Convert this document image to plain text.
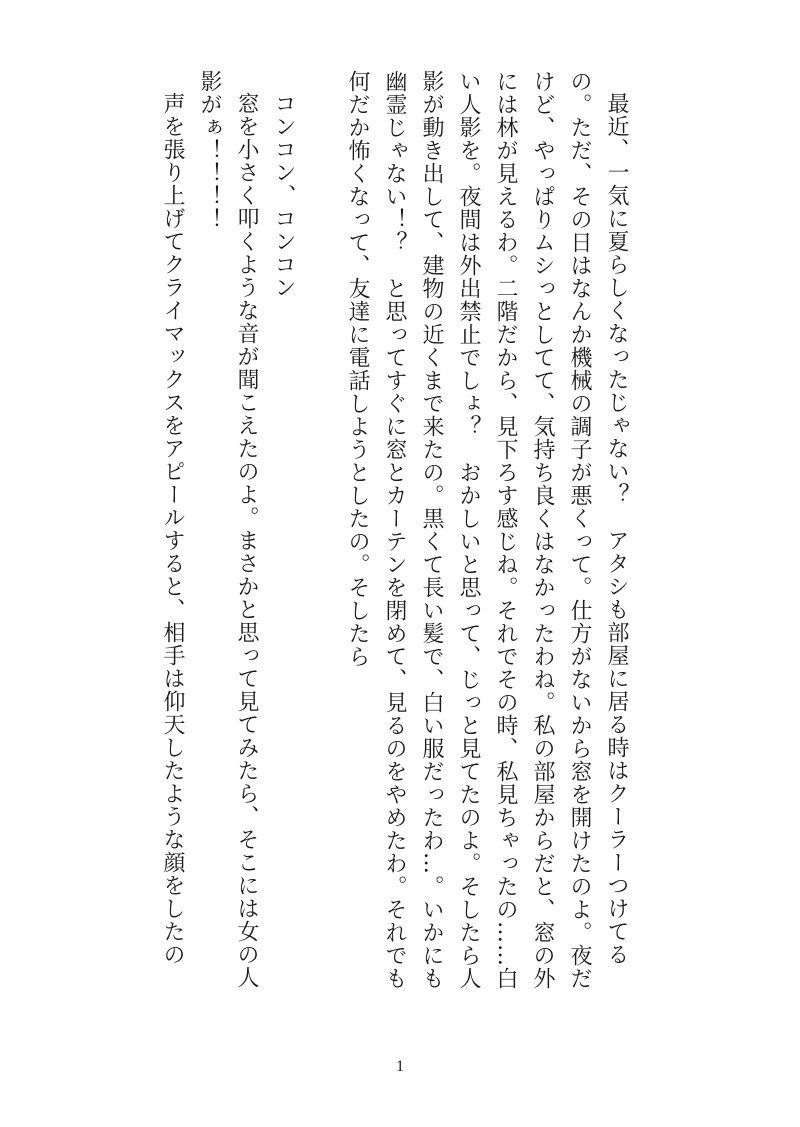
最近、一気に夏らしくなったじゃない？　アタシも部屋に居る時はクーラーつけてるの。ただ、その日はなんか機械の調子が悪くって。仕方がないから窓を開けたのよ。夜だけど、やっぱりムシっとしてて、気持ち良くはなかったわね。私の部屋からだと、窓の外には林が見えるわ。二階だから、見下ろす感じね。それでその時、私見ちゃったの……白い人影を。夜間は外出禁止でしょ？　おかしいと思って、じっと見てたのよ。そしたら人影が動き出して、建物の近くまで来たの。黒くて長い髪で、白い服だったわ…。いかにも幽霊じゃない！？　と思ってすぐに窓とカーテンを閉めて、見るのをやめたわ。それでも何だか怖くなって、友達に電話しようとしたの。そしたら

コンコン、コンコン

窓を小さく叩くような音が聞こえたのよ。まさかと思って見てみたら、そこには女の人影がぁ！！！！

声を張り上げてクライマックスをアピールすると、相手は仰天したような顔をしたの

1
